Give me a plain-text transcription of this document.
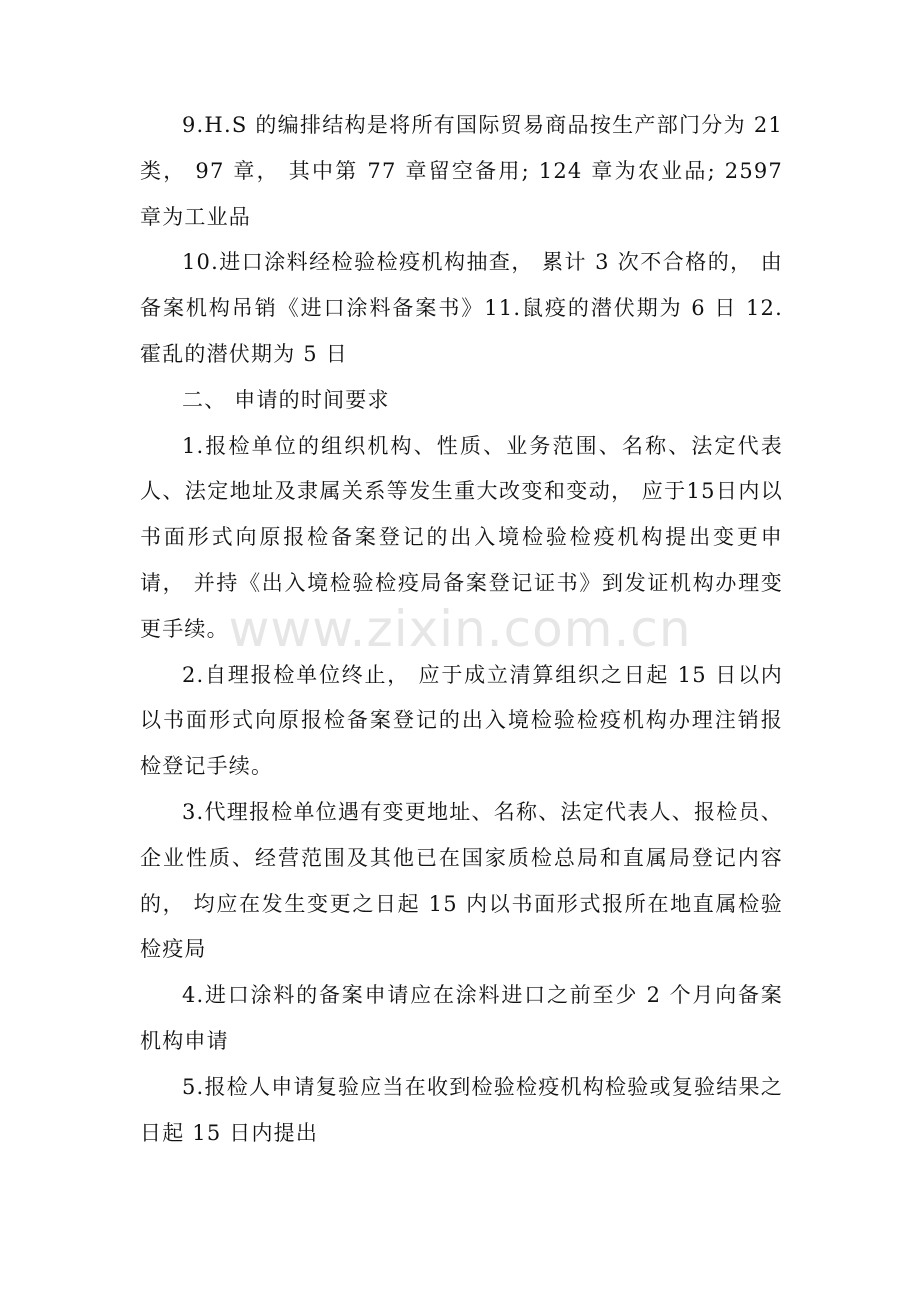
9.H.S 的编排结构是将所有国际贸易商品按生产部门分为 21 类， 97 章， 其中第 77 章留空备用; 124 章为农业品; 2597 章为工业品

10.进口涂料经检验检疫机构抽查， 累计 3 次不合格的， 由备案机构吊销《进口涂料备案书》11.鼠疫的潜伏期为 6 日 12.霍乱的潜伏期为 5 日

二、 申请的时间要求

1.报检单位的组织机构、性质、业务范围、名称、法定代表人、法定地址及隶属关系等发生重大改变和变动， 应于15日内以书面形式向原报检备案登记的出入境检验检疫机构提出变更申请， 并持《出入境检验检疫局备案登记证书》到发证机构办理变更手续。

2.自理报检单位终止， 应于成立清算组织之日起 15 日以内以书面形式向原报检备案登记的出入境检验检疫机构办理注销报检登记手续。

3.代理报检单位遇有变更地址、名称、法定代表人、报检员、企业性质、经营范围及其他已在国家质检总局和直属局登记内容的， 均应在发生变更之日起 15 内以书面形式报所在地直属检验检疫局

4.进口涂料的备案申请应在涂料进口之前至少 2 个月向备案机构申请

5.报检人申请复验应当在收到检验检疫机构检验或复验结果之日起 15 日内提出

www.zixin.com.cn
